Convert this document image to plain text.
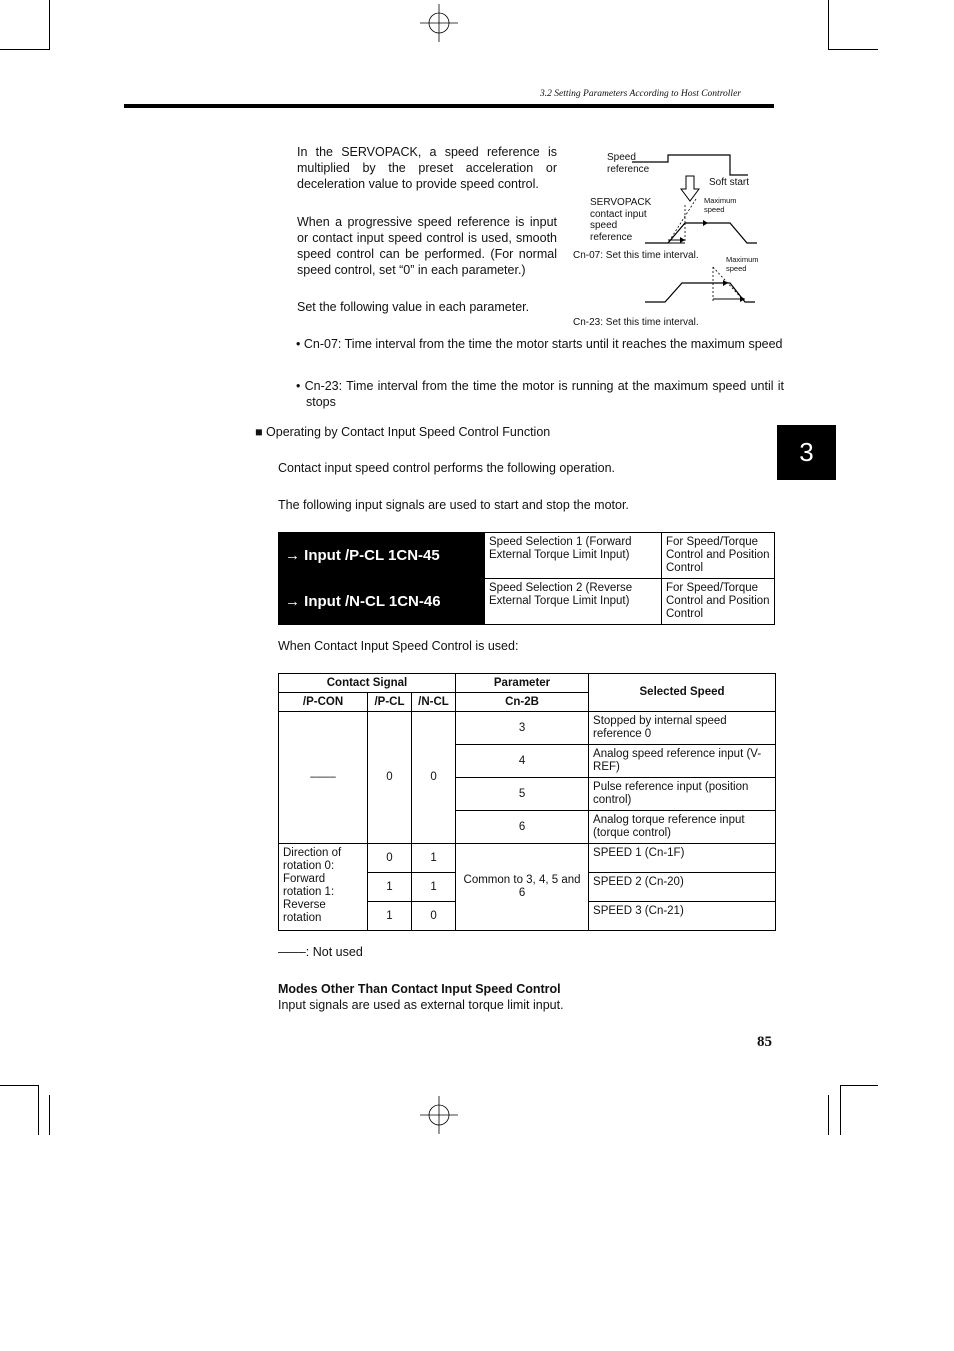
3.2 Setting Parameters According to Host Controller
In the SERVOPACK, a speed reference is multiplied by the preset acceleration or deceleration value to provide speed control.
When a progressive speed reference is input or contact input speed control is used, smooth speed control can be performed. (For normal speed control, set “0” in each parameter.)
Set the following value in each parameter.
Speed reference
Soft start
SERVOPACK contact input speed reference
Maximum speed
Cn-07: Set this time interval.	Maximum speed
Cn-23: Set this time interval.
• Cn-07: Time interval from the time the motor starts until it reaches the maximum speed
• Cn-23: Time interval from the time the motor is running at the maximum speed until it stops
3
■ Operating by Contact Input Speed Control Function
Contact input speed control performs the following operation.
The following input signals are used to start and stop the motor.
→ Input /P-CL 1CN-45	Speed Selection 1 (Forward External Torque Limit Input)	For Speed/Torque Control and Position Control
→ Input /N-CL 1CN-46	Speed Selection 2 (Reverse External Torque Limit Input)	For Speed/Torque Control and Position Control
When Contact Input Speed Control is used:
Contact Signal			Parameter	Selected Speed
/P-CON	/P-CL	/N-CL	Cn-2B	
––––	0	0	3	Stopped by internal speed reference 0
			4	Analog speed reference input (V-REF)
			5	Pulse reference input (position control)
			6	Analog torque reference input (torque control)
Direction of rotation 0: Forward rotation 1: Reverse rotation	0	1	Common to 3, 4, 5 and 6	SPEED 1 (Cn-1F)
	1	1		SPEED 2 (Cn-20)
	1	0		SPEED 3 (Cn-21)
––––: Not used
Modes Other Than Contact Input Speed Control
Input signals are used as external torque limit input.
85
